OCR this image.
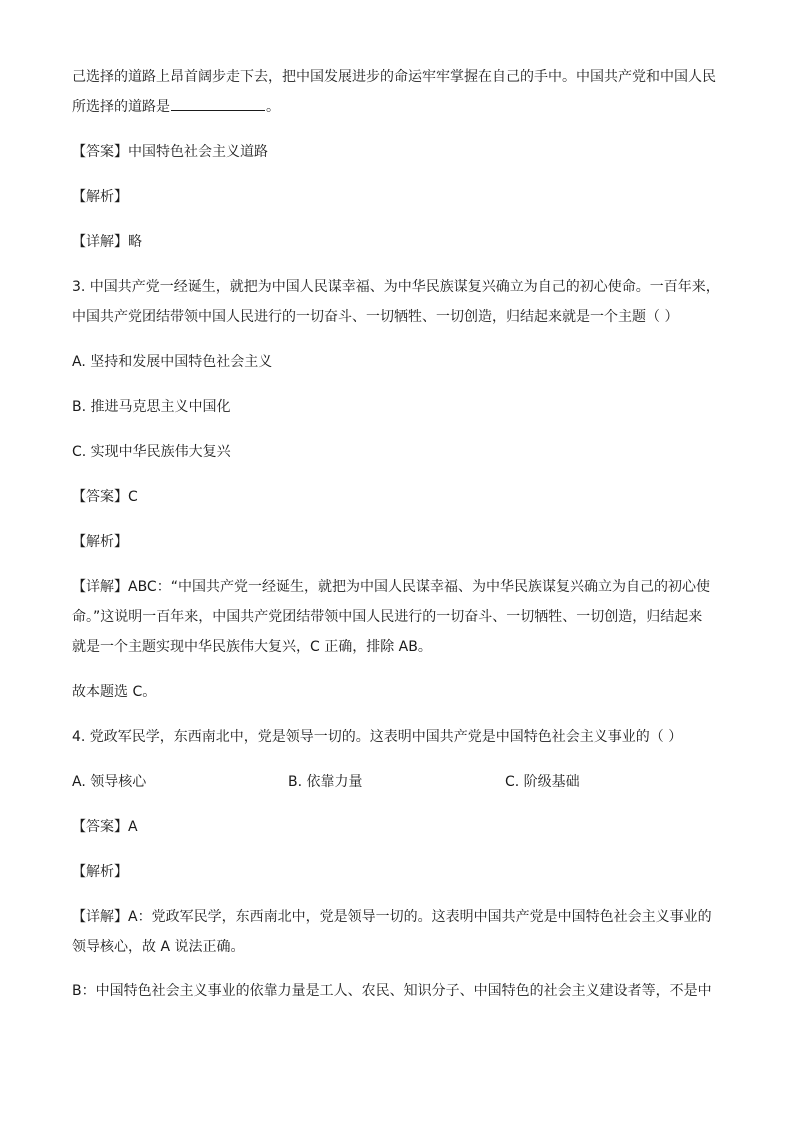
己选择的道路上昂首阔步走下去，把中国发展进步的命运牢牢掌握在自己的手中。中国共产党和中国人民

所选择的道路是	。

【答案】中国特色社会主义道路

【解析】

【详解】略

3. 中国共产党一经诞生，就把为中国人民谋幸福、为中华民族谋复兴确立为自己的初心使命。一百年来，

中国共产党团结带领中国人民进行的一切奋斗、一切牺牲、一切创造，归结起来就是一个主题（ ）

A. 坚持和发展中国特色社会主义

B. 推进马克思主义中国化

C. 实现中华民族伟大复兴

【答案】C

【解析】

【详解】ABC：“中国共产党一经诞生，就把为中国人民谋幸福、为中华民族谋复兴确立为自己的初心使

命。”这说明一百年来，中国共产党团结带领中国人民进行的一切奋斗、一切牺牲、一切创造，归结起来

就是一个主题实现中华民族伟大复兴，C 正确，排除 AB。

故本题选 C。

4. 党政军民学，东西南北中，党是领导一切的。这表明中国共产党是中国特色社会主义事业的（ ）

A. 领导核心	B. 依靠力量	C. 阶级基础

【答案】A

【解析】

【详解】A：党政军民学，东西南北中，党是领导一切的。这表明中国共产党是中国特色社会主义事业的

领导核心，故 A 说法正确。

B：中国特色社会主义事业的依靠力量是工人、农民、知识分子、中国特色的社会主义建设者等，不是中
